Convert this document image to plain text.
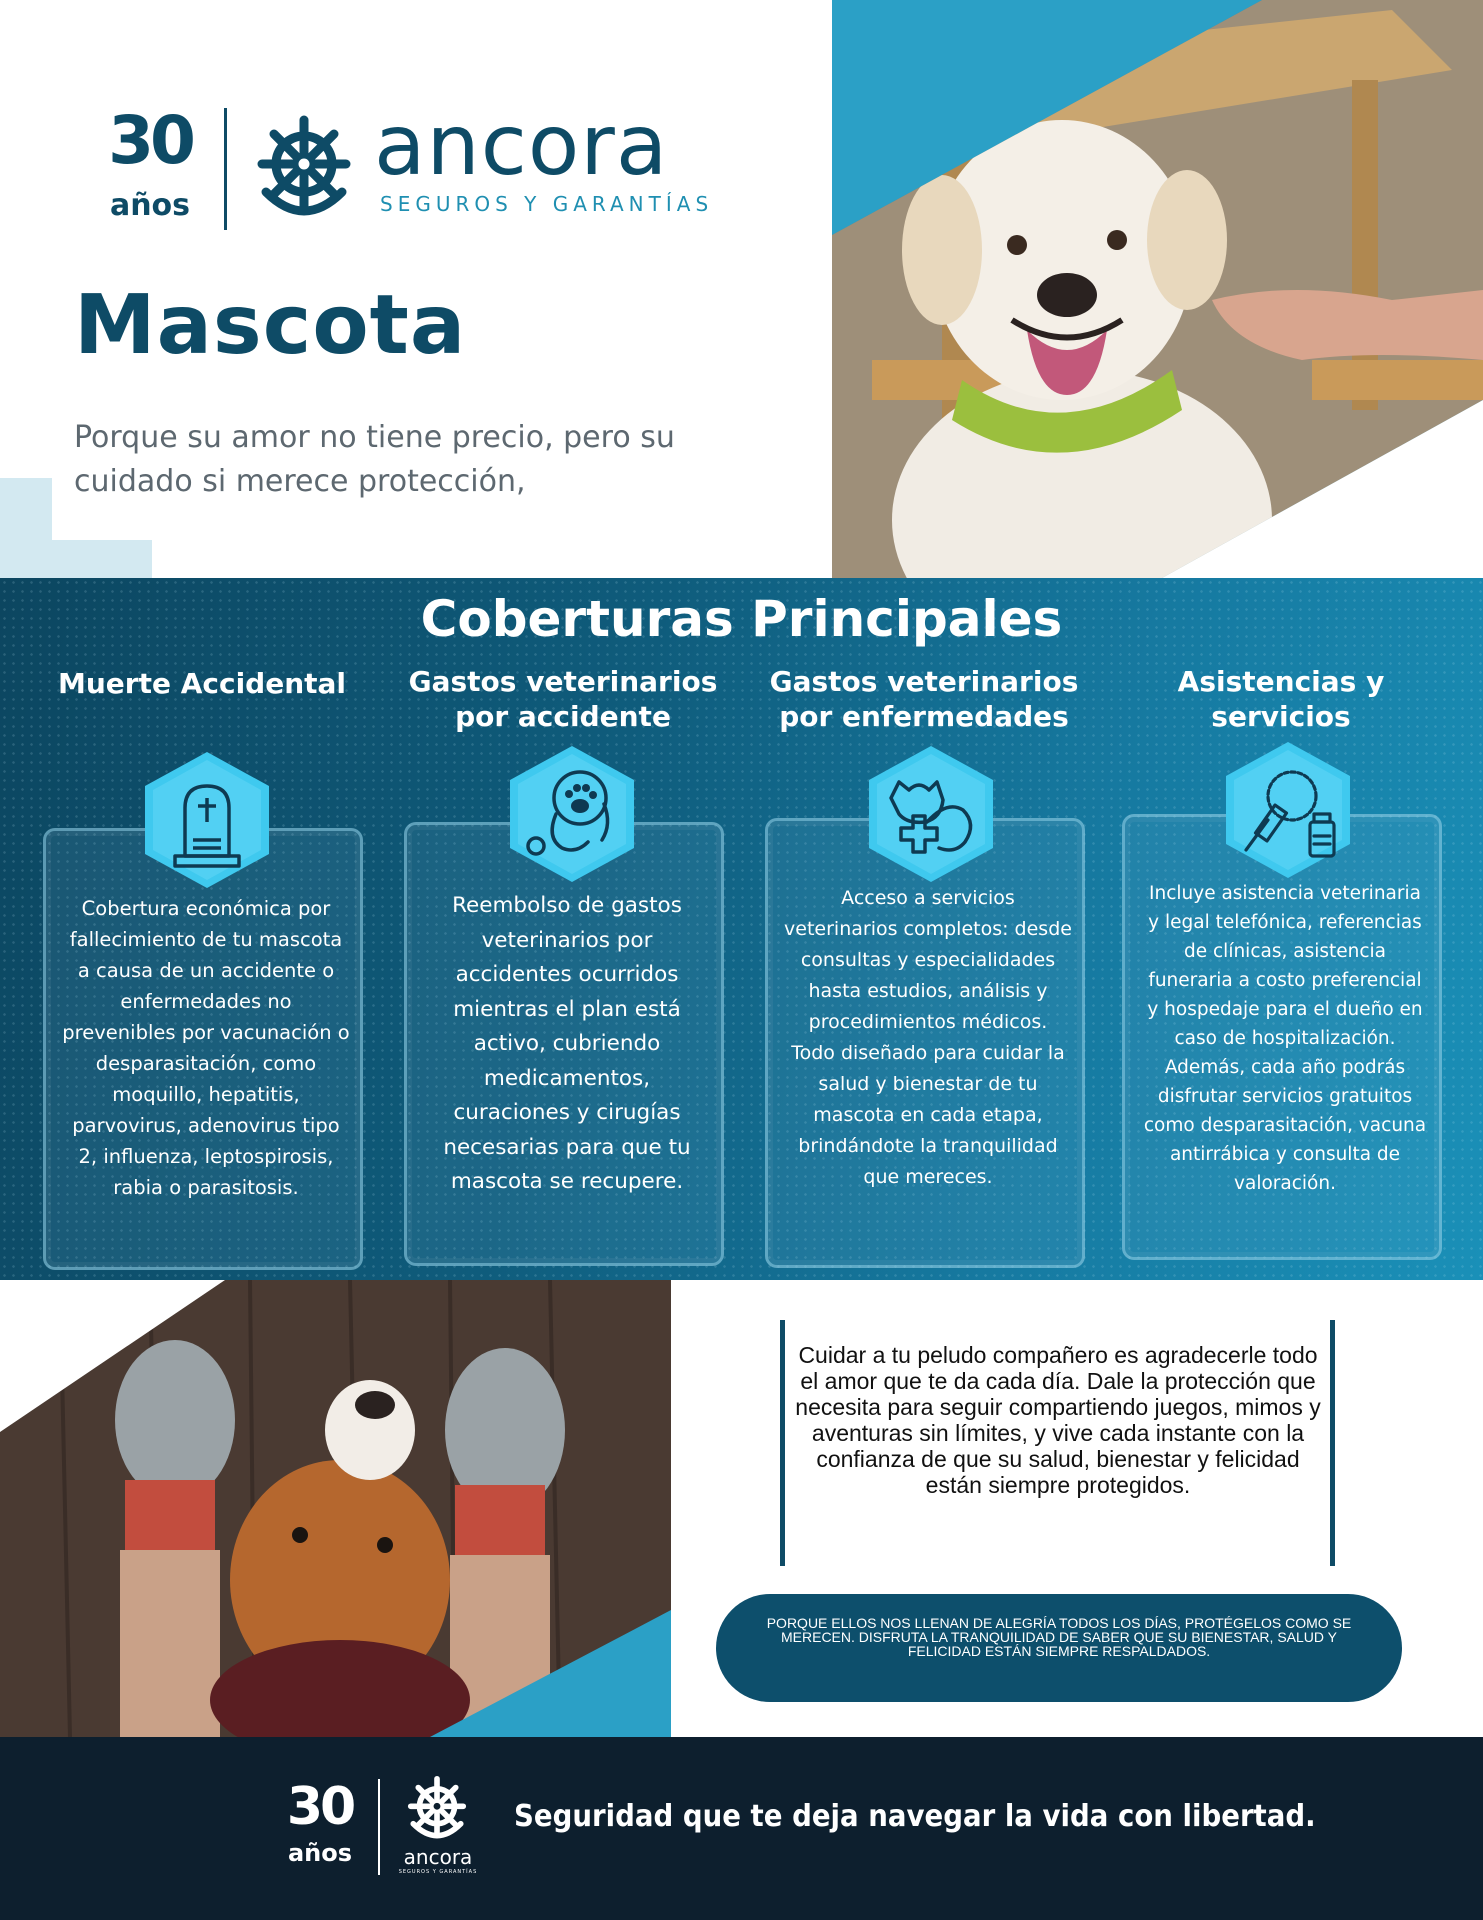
30
años
ancora
SEGUROS Y GARANTÍAS
Mascota

Porque su amor no tiene precio, pero su cuidado si merece protección,

Coberturas Principales
Muerte Accidental
Cobertura económica por fallecimiento de tu mascota a causa de un accidente o enfermedades no prevenibles por vacunación o desparasitación, como moquillo, hepatitis, parvovirus, adenovirus tipo 2, influenza, leptospirosis, rabia o parasitosis.
Gastos veterinarios por accidente
Reembolso de gastos veterinarios por accidentes ocurridos mientras el plan está activo, cubriendo medicamentos, curaciones y cirugías necesarias para que tu mascota se recupere.
Gastos veterinarios por enfermedades
Acceso a servicios veterinarios completos: desde consultas y especialidades hasta estudios, análisis y procedimientos médicos. Todo diseñado para cuidar la salud y bienestar de tu mascota en cada etapa, brindándote la tranquilidad que mereces.
Asistencias y servicios
Incluye asistencia veterinaria y legal telefónica, referencias de clínicas, asistencia funeraria a costo preferencial y hospedaje para el dueño en caso de hospitalización. Además, cada año podrás disfrutar servicios gratuitos como desparasitación, vacuna antirrábica y consulta de valoración.

Cuidar a tu peludo compañero es agradecerle todo el amor que te da cada día. Dale la protección que necesita para seguir compartiendo juegos, mimos y aventuras sin límites, y vive cada instante con la confianza de que su salud, bienestar y felicidad están siempre protegidos.

PORQUE ELLOS NOS LLENAN DE ALEGRÍA TODOS LOS DÍAS, PROTÉGELOS COMO SE MERECEN. DISFRUTA LA TRANQUILIDAD DE SABER QUE SU BIENESTAR, SALUD Y FELICIDAD ESTÁN SIEMPRE RESPALDADOS.

30
años	ancora
SEGUROS Y GARANTÍAS
Seguridad que te deja navegar la vida con libertad.
